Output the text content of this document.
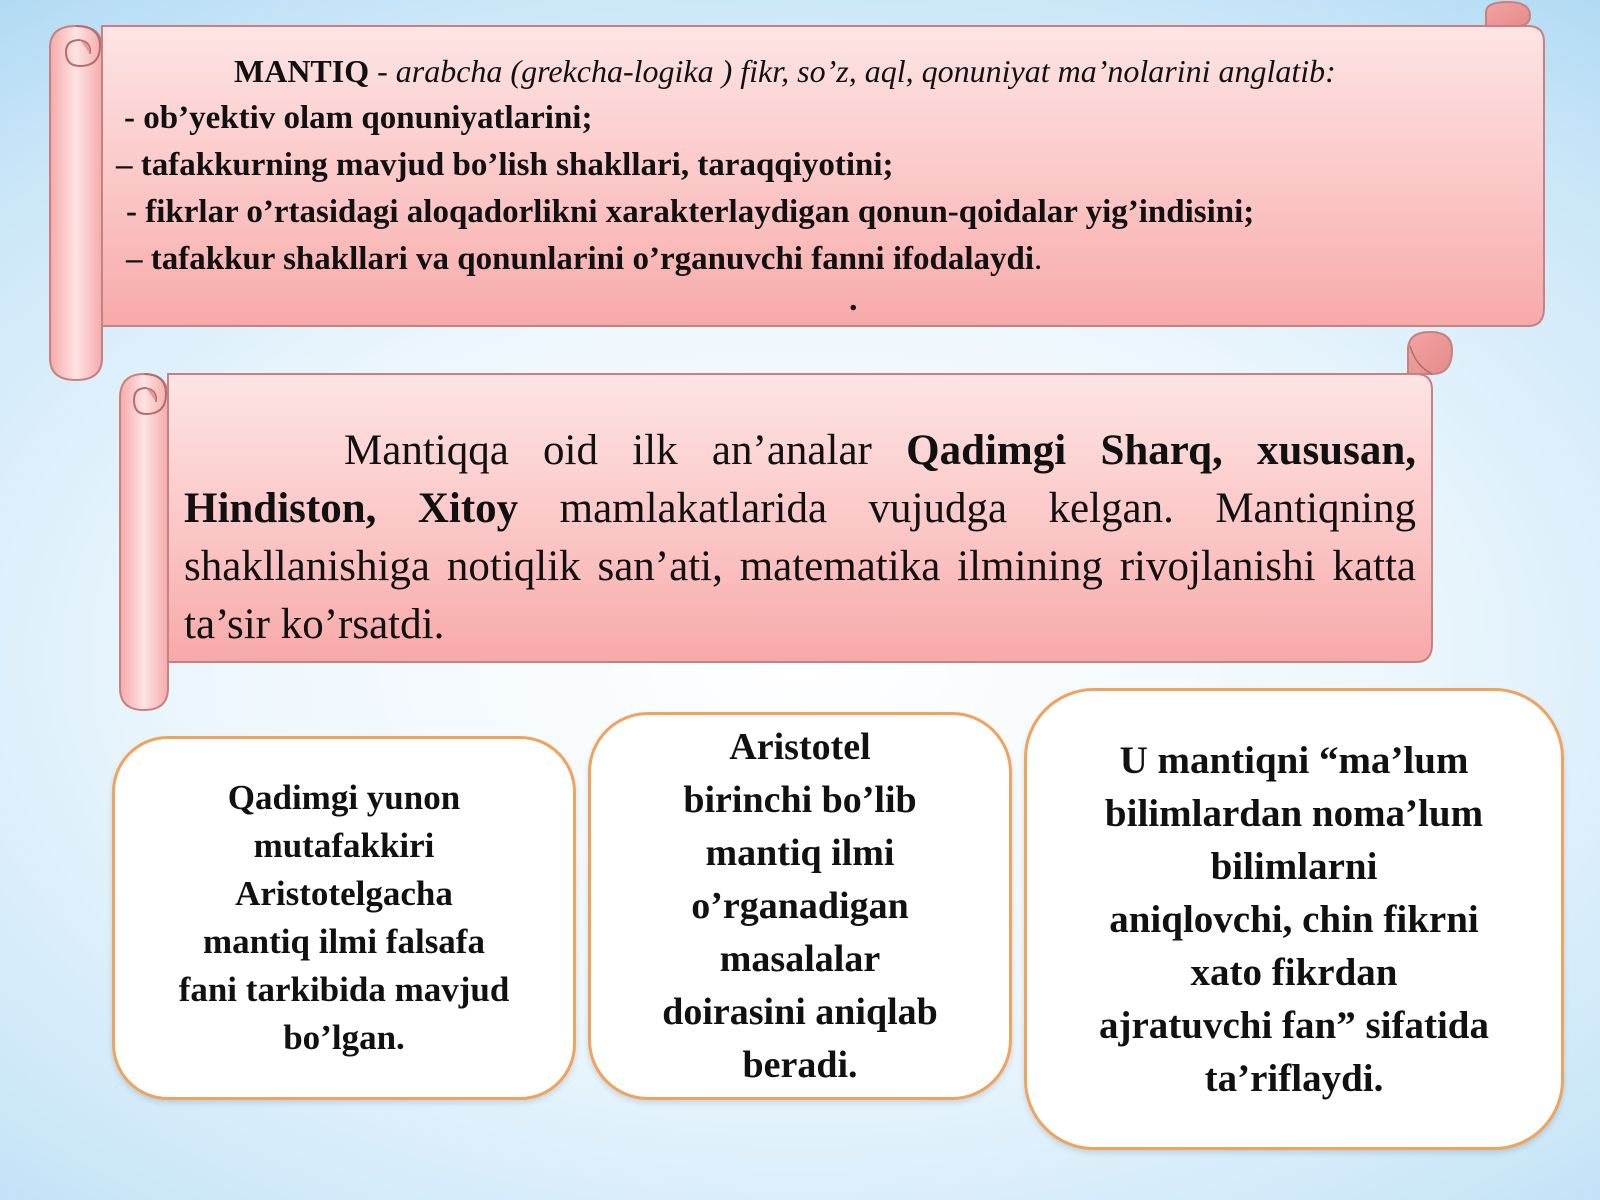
MANTIQ - arabcha (grekcha-logika ) fikr, so’z, aql, qonuniyat ma’nolarini anglatib:
- ob’yektiv olam qonuniyatlarini;
– tafakkurning mavjud bo’lish shakllari, taraqqiyotini;
- fikrlar o’rtasidagi aloqadorlikni xarakterlaydigan qonun-qoidalar yig’indisini;
– tafakkur shakllari va qonunlarini o’rganuvchi fanni ifodalaydi.
.
Mantiqqa oid ilk an’analar Qadimgi Sharq, xususan, Hindiston, Xitoy mamlakatlarida vujudga kelgan. Mantiqning shakllanishiga notiqlik san’ati, matematika ilmining rivojlanishi katta ta’sir ko’rsatdi.
Qadimgi yunon
mutafakkiri
Aristotelgacha
mantiq ilmi falsafa
fani tarkibida mavjud
bo’lgan.
Aristotel
birinchi bo’lib
mantiq ilmi
o’rganadigan
masalalar
doirasini aniqlab
beradi.
U mantiqni “ma’lum
bilimlardan noma’lum
bilimlarni
aniqlovchi, chin fikrni
xato fikrdan
ajratuvchi fan” sifatida
ta’riflaydi.
